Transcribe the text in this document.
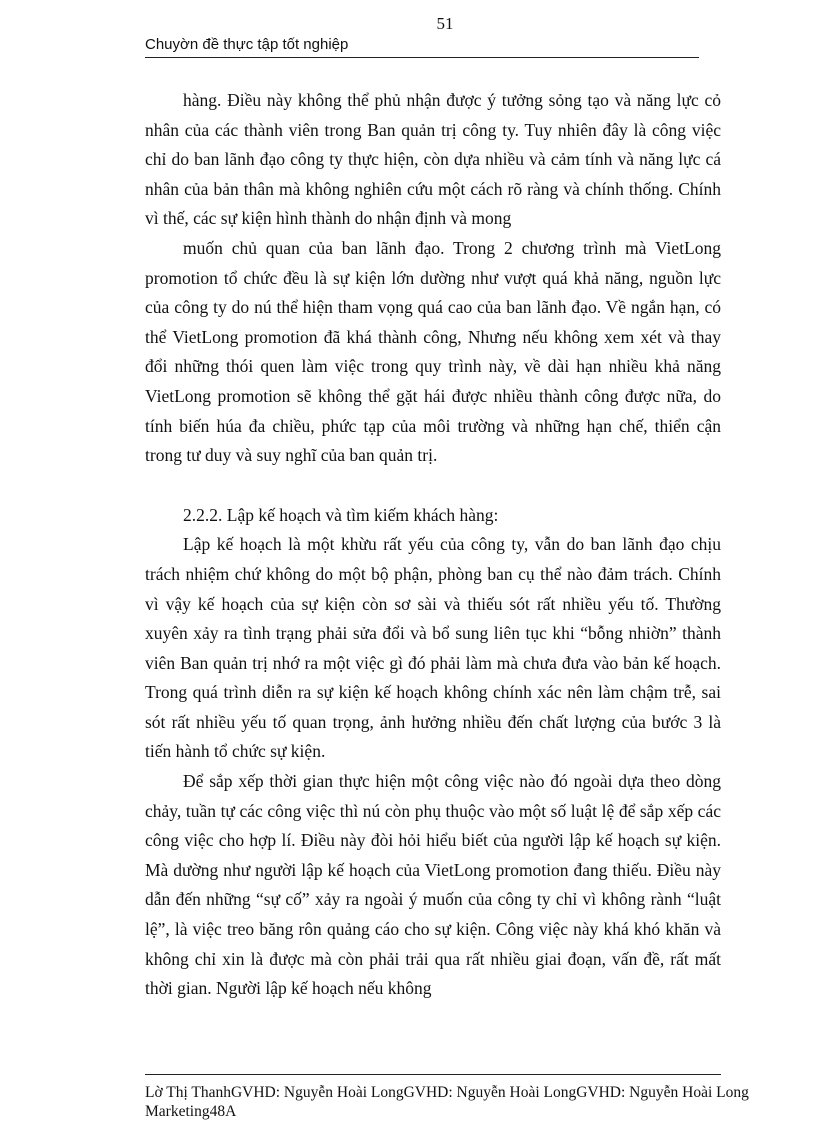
51
Chuyờn đề thực tập tốt nghiệp

hàng. Điều này không thể phủ nhận được ý tưởng sỏng tạo và năng lực cỏ nhân của các thành viên trong Ban quản trị công ty. Tuy nhiên đây là công việc chỉ do ban lãnh đạo công ty thực hiện, còn dựa nhiều và cảm tính và năng lực cá nhân của bản thân mà không nghiên cứu một cách rõ ràng và chính thống. Chính vì thế, các sự kiện hình thành do nhận định và mong

muốn chủ quan của ban lãnh đạo. Trong 2 chương trình mà VietLong promotion tổ chức đều là sự kiện lớn dường như vượt quá khả năng, nguồn lực của công ty do nú thể hiện tham vọng quá cao của ban lãnh đạo. Về ngắn hạn, có thể VietLong promotion đã khá thành công, Nhưng nếu không xem xét và thay đổi những thói quen làm việc trong quy trình này, về dài hạn nhiều khả năng VietLong promotion sẽ không thể gặt hái được nhiều thành công được nữa, do tính biến húa đa chiều, phức tạp của môi trường và những hạn chế, thiển cận trong tư duy và suy nghĩ của ban quản trị.

2.2.2. Lập kế hoạch và tìm kiếm khách hàng:

Lập kế hoạch là một khừu rất yếu của công ty, vẫn do ban lãnh đạo chịu trách nhiệm chứ không do một bộ phận, phòng ban cụ thể nào đảm trách. Chính vì vậy kế hoạch của sự kiện còn sơ sài và thiếu sót rất nhiều yếu tố. Thường xuyên xảy ra tình trạng phải sửa đổi và bổ sung liên tục khi “bỗng nhiờn” thành viên Ban quản trị nhớ ra một việc gì đó phải làm mà chưa đưa vào bản kế hoạch. Trong quá trình diễn ra sự kiện kế hoạch không chính xác nên làm chậm trễ, sai sót rất nhiều yếu tố quan trọng, ảnh hưởng nhiều đến chất lượng của bước 3 là tiến hành tổ chức sự kiện.

Để sắp xếp thời gian thực hiện một công việc nào đó ngoài dựa theo dòng chảy, tuần tự các công việc thì nú còn phụ thuộc vào một số luật lệ để sắp xếp các công việc cho hợp lí. Điều này đòi hỏi hiểu biết của người lập kế hoạch sự kiện. Mà dường như người lập kế hoạch của VietLong promotion đang thiếu. Điều này dẫn đến những “sự cố” xảy ra ngoài ý muốn của công ty chỉ vì không rành “luật lệ”, là việc treo băng rôn quảng cáo cho sự kiện. Công việc này khá khó khăn và không chỉ xin là được mà còn phải trải qua rất nhiều giai đoạn, vấn đề, rất mất thời gian. Người lập kế hoạch nếu không

Lờ Thị ThanhGVHD: Nguyễn Hoài LongGVHD: Nguyễn Hoài LongGVHD: Nguyễn Hoài Long
Marketing48A
